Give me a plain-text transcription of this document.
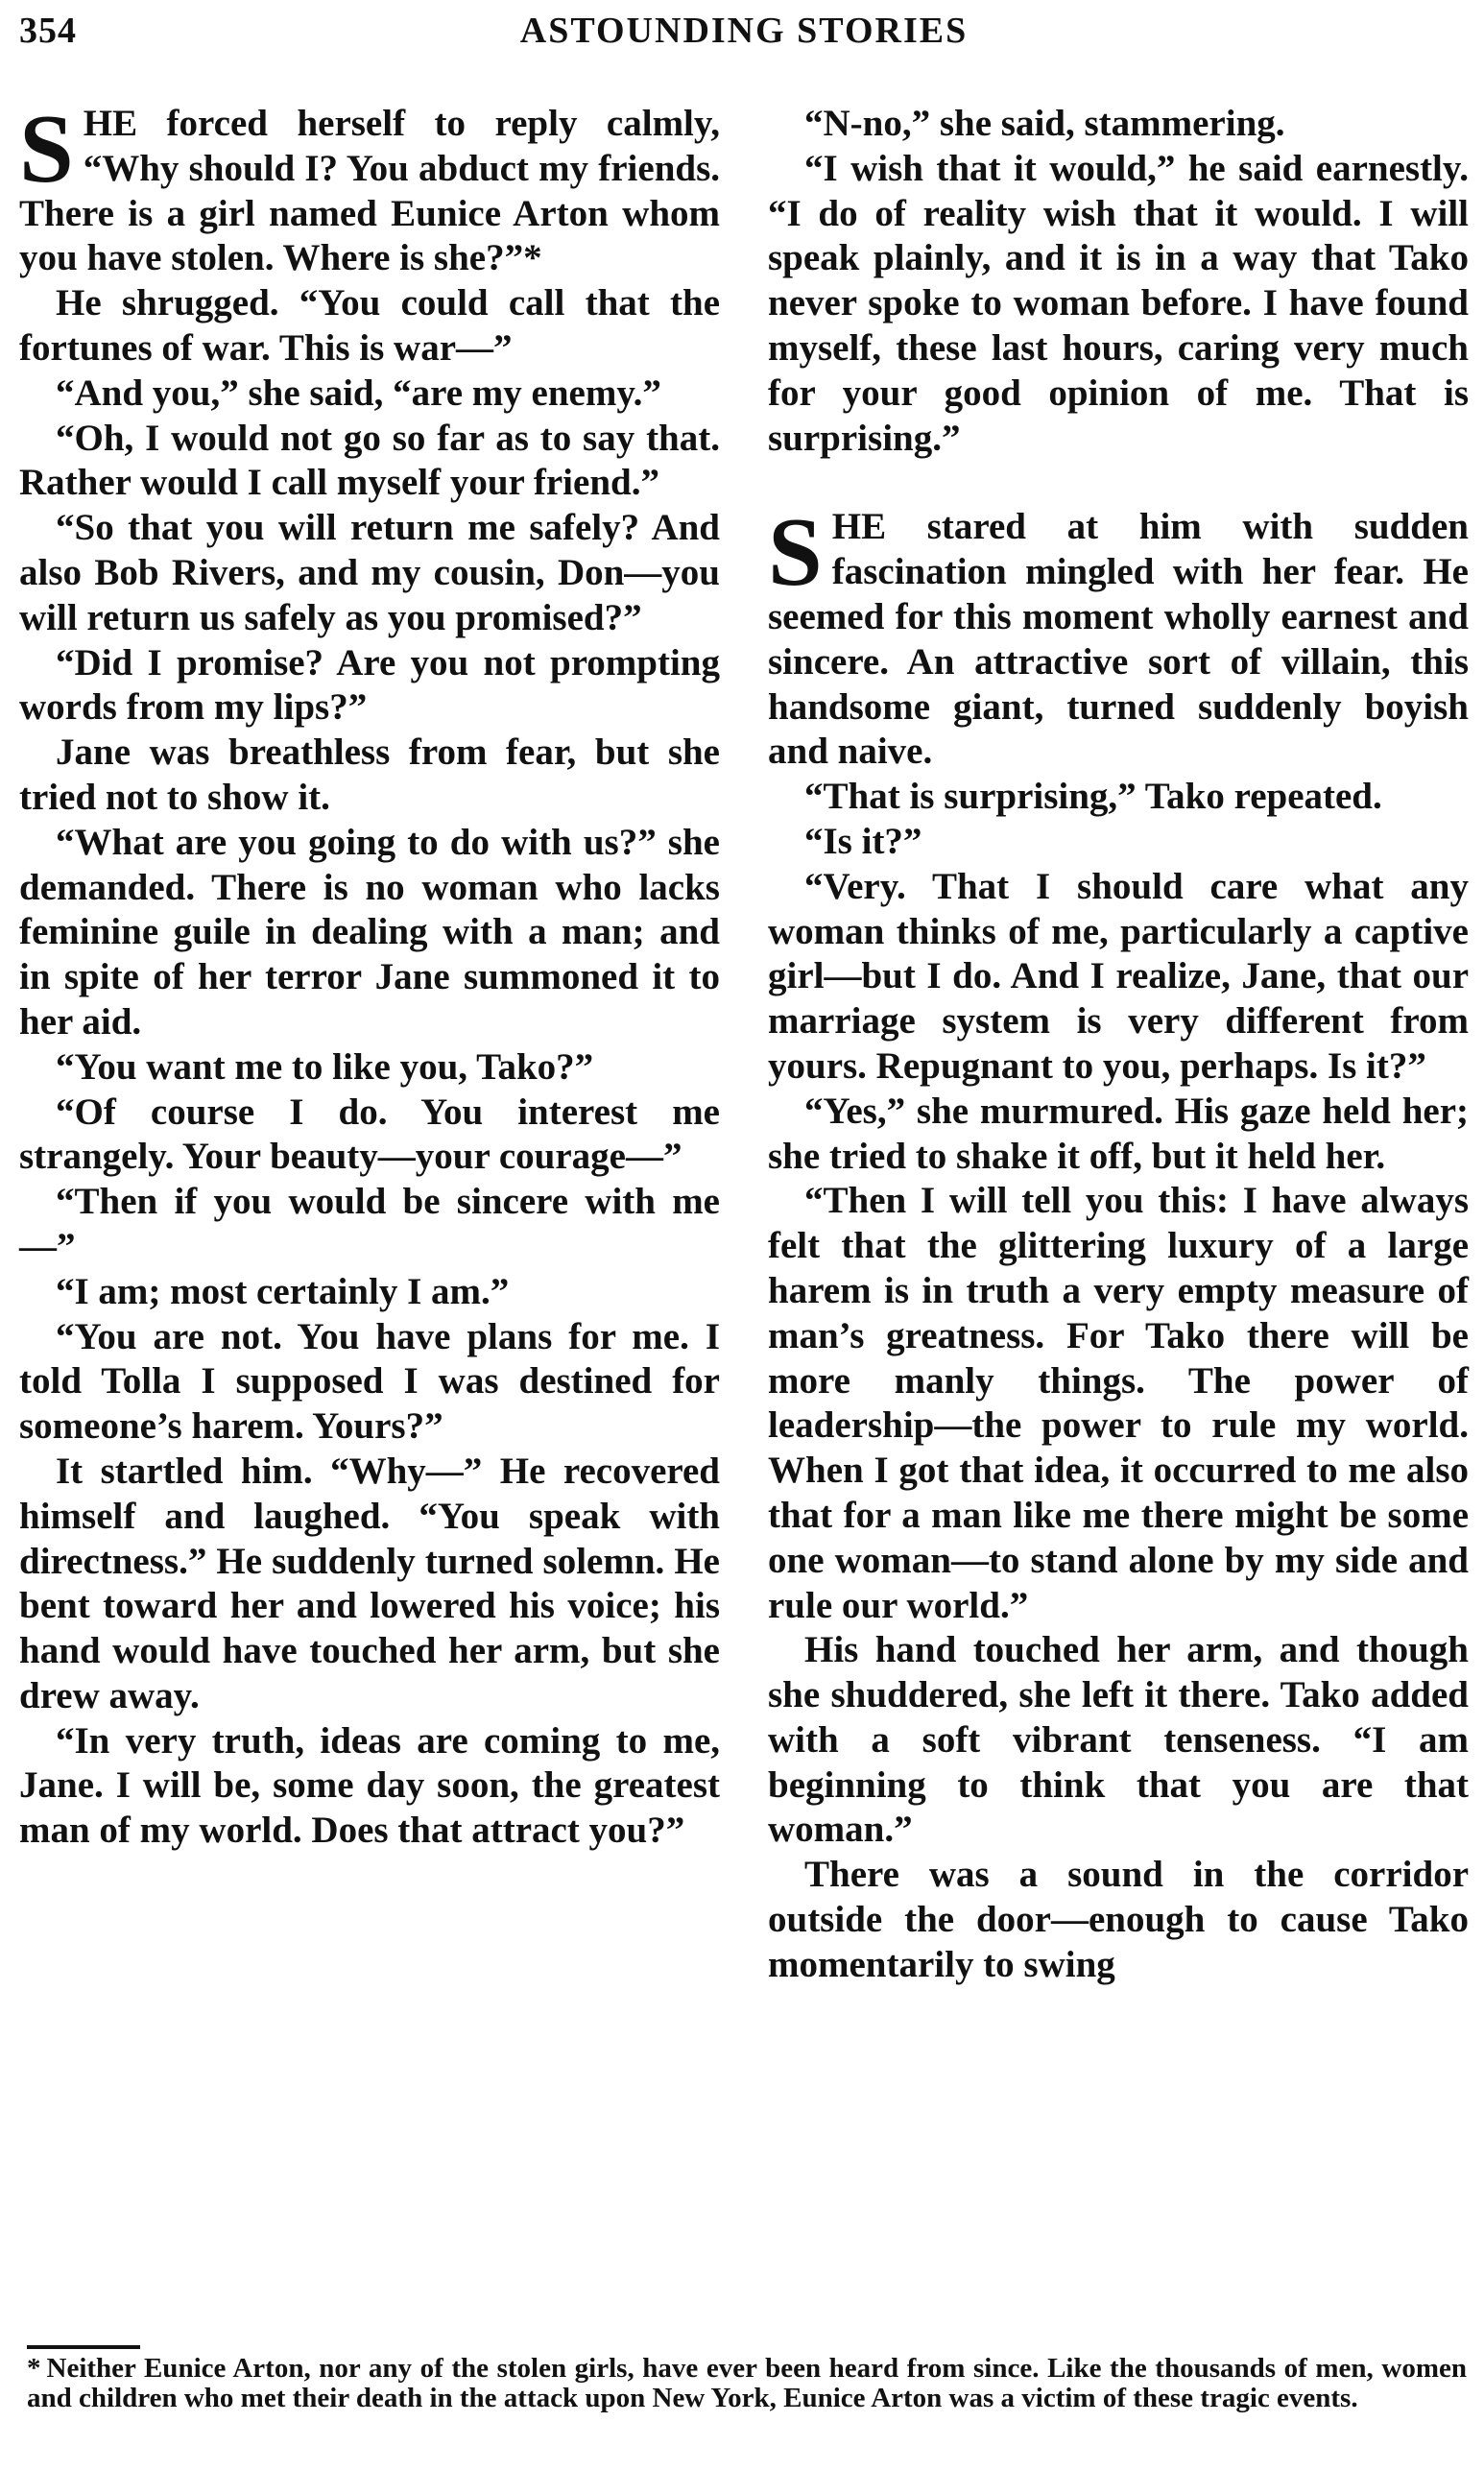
354	ASTOUNDING STORIES

SHE forced herself to reply calmly, “Why should I? You abduct my friends. There is a girl named Eunice Arton whom you have stolen. Where is she?”*

He shrugged. “You could call that the fortunes of war. This is war—”

“And you,” she said, “are my enemy.”

“Oh, I would not go so far as to say that. Rather would I call myself your friend.”

“So that you will return me safely? And also Bob Rivers, and my cousin, Don—you will return us safely as you promised?”

“Did I promise? Are you not prompting words from my lips?”

Jane was breathless from fear, but she tried not to show it.

“What are you going to do with us?” she demanded. There is no woman who lacks feminine guile in dealing with a man; and in spite of her terror Jane summoned it to her aid.

“You want me to like you, Tako?”

“Of course I do. You interest me strangely. Your beauty—your courage—”

“Then if you would be sincere with me—”

“I am; most certainly I am.”

“You are not. You have plans for me. I told Tolla I supposed I was destined for someone’s harem. Yours?”

It startled him. “Why—” He recovered himself and laughed. “You speak with directness.” He suddenly turned solemn. He bent toward her and lowered his voice; his hand would have touched her arm, but she drew away.

“In very truth, ideas are coming to me, Jane. I will be, some day soon, the greatest man of my world. Does that attract you?”

“N-no,” she said, stammering.

“I wish that it would,” he said earnestly. “I do of reality wish that it would. I will speak plainly, and it is in a way that Tako never spoke to woman before. I have found myself, these last hours, caring very much for your good opinion of me. That is surprising.”

SHE stared at him with sudden fascination mingled with her fear. He seemed for this moment wholly earnest and sincere. An attractive sort of villain, this handsome giant, turned suddenly boyish and naive.

“That is surprising,” Tako repeated.

“Is it?”

“Very. That I should care what any woman thinks of me, particularly a captive girl—but I do. And I realize, Jane, that our marriage system is very different from yours. Repugnant to you, perhaps. Is it?”

“Yes,” she murmured. His gaze held her; she tried to shake it off, but it held her.

“Then I will tell you this: I have always felt that the glittering luxury of a large harem is in truth a very empty measure of man’s greatness. For Tako there will be more manly things. The power of leadership—the power to rule my world. When I got that idea, it occurred to me also that for a man like me there might be some one woman—to stand alone by my side and rule our world.”

His hand touched her arm, and though she shuddered, she left it there. Tako added with a soft vibrant tenseness. “I am beginning to think that you are that woman.”

There was a sound in the corridor outside the door—enough to cause Tako momentarily to swing

* Neither Eunice Arton, nor any of the stolen girls, have ever been heard from since. Like the thousands of men, women and children who met their death in the attack upon New York, Eunice Arton was a victim of these tragic events.
